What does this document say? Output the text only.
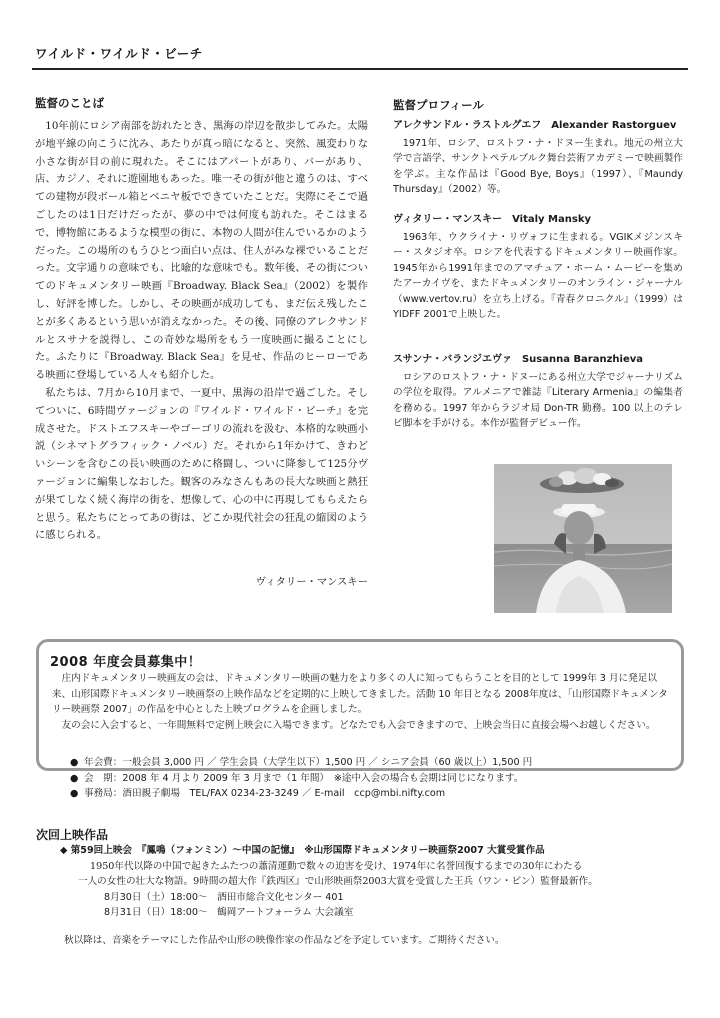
ワイルド・ワイルド・ビーチ
監督のことば

10年前にロシア南部を訪れたとき、黒海の岸辺を散歩してみた。太陽が地平線の向こうに沈み、あたりが真っ暗になると、突然、風変わりな小さな街が目の前に現れた。そこにはアパートがあり、バーがあり、店、カジノ、それに遊園地もあった。唯一その街が他と違うのは、すべての建物が段ボール箱とベニヤ板でできていたことだ。実際にそこで過ごしたのは1日だけだったが、夢の中では何度も訪れた。そこはまるで、博物館にあるような模型の街に、本物の人間が住んでいるかのようだった。この場所のもうひとつ面白い点は、住人がみな裸でいることだった。文字通りの意味でも、比喩的な意味でも。数年後、その街についてのドキュメンタリー映画『Broadway. Black Sea』（2002）を製作し、好評を博した。しかし、その映画が成功しても、まだ伝え残したことが多くあるという思いが消えなかった。その後、同僚のアレクサンドルとスサナを説得し、この奇妙な場所をもう一度映画に撮ることにした。ふたりに『Broadway. Black Sea』を見せ、作品のヒーローである映画に登場している人々も紹介した。

私たちは、7月から10月まで、一夏中、黒海の沿岸で過ごした。そしてついに、6時間ヴァージョンの『ワイルド・ワイルド・ビーチ』を完成させた。ドストエフスキーやゴーゴリの流れを汲む、本格的な映画小説（シネマトグラフィック・ノベル）だ。それから1年かけて、きわどいシーンを含むこの長い映画のために格闘し、ついに降参して125分ヴァージョンに編集しなおした。観客のみなさんもあの長大な映画と熱狂が果てしなく続く海岸の街を、想像して、心の中に再現してもらえたらと思う。私たちにとってあの街は、どこか現代社会の狂乱の縮図のように感じられる。

ヴィタリー・マンスキー
監督プロフィール
アレクサンドル・ラストルグエフ　Alexander Rastorguev
1971年、ロシア、ロストフ・ナ・ドヌー生まれ。地元の州立大学で言語学、サンクトペテルブルク舞台芸術アカデミーで映画製作を学ぶ。主な作品は『Good Bye, Boys』（1997）、『Maundy Thursday』（2002）等。
ヴィタリー・マンスキー　Vitaly Mansky
1963年、ウクライナ・リヴォフに生まれる。VGIKメジンスキー・スタジオ卒。ロシアを代表するドキュメンタリー映画作家。1945年から1991年までのアマチュア・ホーム・ムービーを集めたアーカイヴを、またドキュメンタリーのオンライン・ジャーナル（www.vertov.ru）を立ち上げる。『青春クロニクル』（1999）はYIDFF 2001で上映した。
スサンナ・バランジエヴァ　Susanna Baranzhieva
ロシアのロストフ・ナ・ドヌーにある州立大学でジャーナリズムの学位を取得。アルメニアで雑誌『Literary Armenia』の編集者を務める。1997 年からラジオ局 Don-TR 勤務。100 以上のテレビ脚本を手がける。本作が監督デビュー作。
2008 年度会員募集中！

庄内ドキュメンタリー映画友の会は、ドキュメンタリー映画の魅力をより多くの人に知ってもらうことを目的として 1999年 3 月に発足以来、山形国際ドキュメンタリー映画祭の上映作品などを定期的に上映してきました。活動 10 年目となる 2008年度は、「山形国際ドキュメンタリー映画祭 2007」の作品を中心とした上映プログラムを企画しました。

友の会に入会すると、一年間無料で定例上映会に入場できます。どなたでも入会できますので、上映会当日に直接会場へお越しください。

● 年会費：一般会員 3,000 円 ／ 学生会員（大学生以下）1,500 円 ／ シニア会員（60 歳以上）1,500 円
● 会　期：2008 年 4 月より 2009 年 3 月まで（1 年間）　※途中入会の場合も会期は同じになります。
● 事務局：酒田親子劇場　TEL/FAX 0234-23-3249 ／ E-mail　ccp@mbi.nifty.com
次回上映作品
◆ 第59回上映会　『鳳鳴（フォンミン）～中国の記憶』　※山形国際ドキュメンタリー映画祭2007 大賞受賞作品
1950年代以降の中国で起きたふたつの蕭清運動で数々の迫害を受け、1974年に名誉回復するまでの30年にわたる
一人の女性の壮大な物語。9時間の超大作『鉄西区』で山形映画祭2003大賞を受賞した王兵（ワン・ビン）監督最新作。
8月30日（土）18:00～　酒田市総合文化センター 401
8月31日（日）18:00～　鶴岡アートフォーラム 大会議室
秋以降は、音楽をテーマにした作品や山形の映像作家の作品などを予定しています。ご期待ください。
